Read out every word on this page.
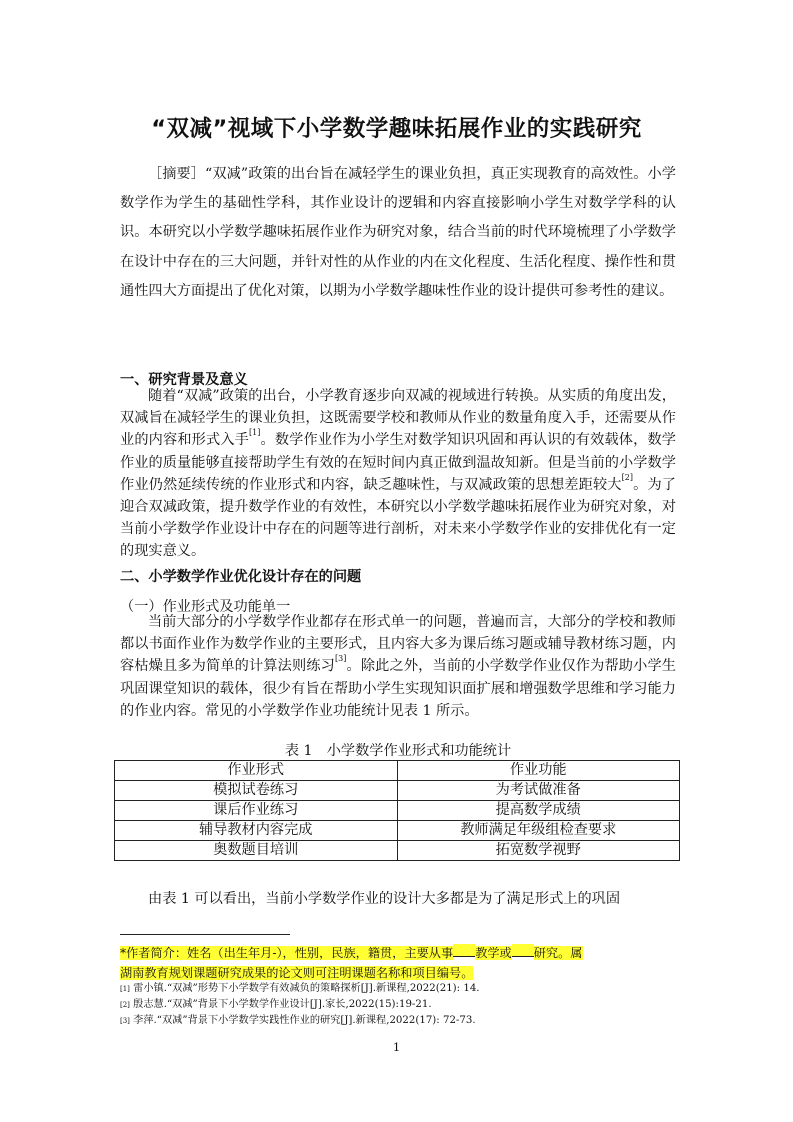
“双减”视域下小学数学趣味拓展作业的实践研究

［摘要］“双减”政策的出台旨在减轻学生的课业负担，真正实现教育的高效性。小学数学作为学生的基础性学科，其作业设计的逻辑和内容直接影响小学生对数学学科的认识。本研究以小学数学趣味拓展作业作为研究对象，结合当前的时代环境梳理了小学数学在设计中存在的三大问题，并针对性的从作业的内在文化程度、生活化程度、操作性和贯通性四大方面提出了优化对策，以期为小学数学趣味性作业的设计提供可参考性的建议。

一、研究背景及意义

随着“双减”政策的出台，小学教育逐步向双减的视域进行转换。从实质的角度出发，双减旨在减轻学生的课业负担，这既需要学校和教师从作业的数量角度入手，还需要从作业的内容和形式入手[1]。数学作业作为小学生对数学知识巩固和再认识的有效载体，数学作业的质量能够直接帮助学生有效的在短时间内真正做到温故知新。但是当前的小学数学作业仍然延续传统的作业形式和内容，缺乏趣味性，与双减政策的思想差距较大[2]。为了迎合双减政策，提升数学作业的有效性，本研究以小学数学趣味拓展作业为研究对象，对当前小学数学作业设计中存在的问题等进行剖析，对未来小学数学作业的安排优化有一定的现实意义。

二、小学数学作业优化设计存在的问题

（一）作业形式及功能单一

当前大部分的小学数学作业都存在形式单一的问题，普遍而言，大部分的学校和教师都以书面作业作为数学作业的主要形式，且内容大多为课后练习题或辅导教材练习题，内容枯燥且多为简单的计算法则练习[3]。除此之外，当前的小学数学作业仅作为帮助小学生巩固课堂知识的载体，很少有旨在帮助小学生实现知识面扩展和增强数学思维和学习能力的作业内容。常见的小学数学作业功能统计见表 1 所示。

表 1　小学数学作业形式和功能统计

作业形式	作业功能
模拟试卷练习	为考试做准备
课后作业练习	提高数学成绩
辅导教材内容完成	教师满足年级组检查要求
奥数题目培训	拓宽数学视野

由表 1 可以看出，当前小学数学作业的设计大多都是为了满足形式上的巩固

*作者简介：姓名（出生年月-），性别，民族，籍贯，主要从事 教学或 研究。属
湖南教育规划课题研究成果的论文则可注明课题名称和项目编号。

[1] 雷小镇.“双减”形势下小学数学有效减负的策略探析[J].新课程,2022(21): 14.

[2] 殷志慧.“双减”背景下小学数学作业设计[J].家长,2022(15):19-21.

[3] 李萍.“双减”背景下小学数学实践性作业的研究[J].新课程,2022(17): 72-73.

1
